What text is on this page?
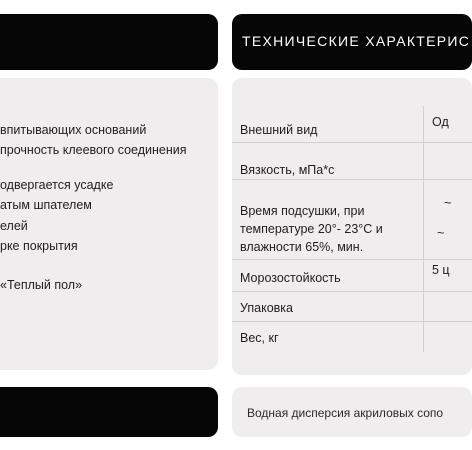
ТЕХНИЧЕСКИЕ ХАРАКТЕРИС
впитывающих оснований
прочность клеевого соединения
одвергается усадке
атым шпателем
елей
рке покрытия
«Теплый пол»
Внешний вид
Од
Вязкость, мПа*с
Время подсушки, при температуре 20°- 23°C и влажности 65%, мин.
~
~
Морозостойкость
5 ц
Упаковка
Вес, кг
Водная дисперсия акриловых сопо
